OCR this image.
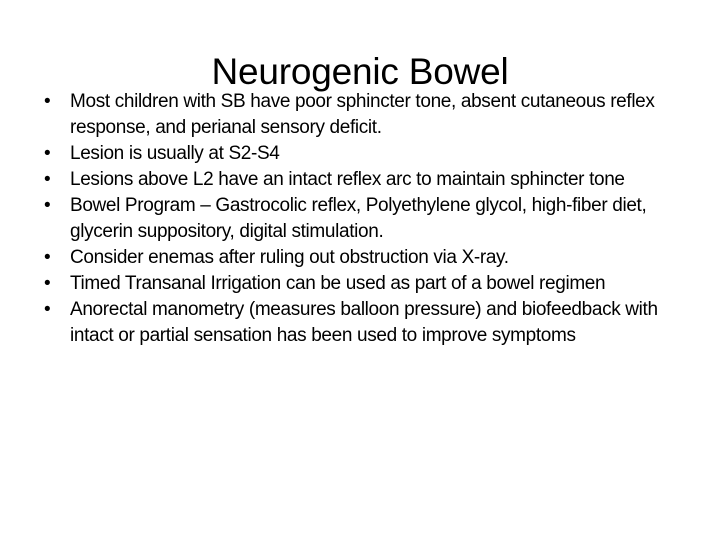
Neurogenic Bowel
•	Most children with SB have poor sphincter tone, absent cutaneous reflex response, and perianal sensory deficit.
•	Lesion is usually at S2-S4
•	Lesions above L2 have an intact reflex arc to maintain sphincter tone
•	Bowel Program – Gastrocolic reflex, Polyethylene glycol, high-fiber diet, glycerin suppository, digital stimulation.
•	Consider enemas after ruling out obstruction via X-ray.
•	Timed Transanal Irrigation can be used as part of a bowel regimen
•	Anorectal manometry (measures balloon pressure) and biofeedback with intact or partial sensation has been used to improve symptoms
